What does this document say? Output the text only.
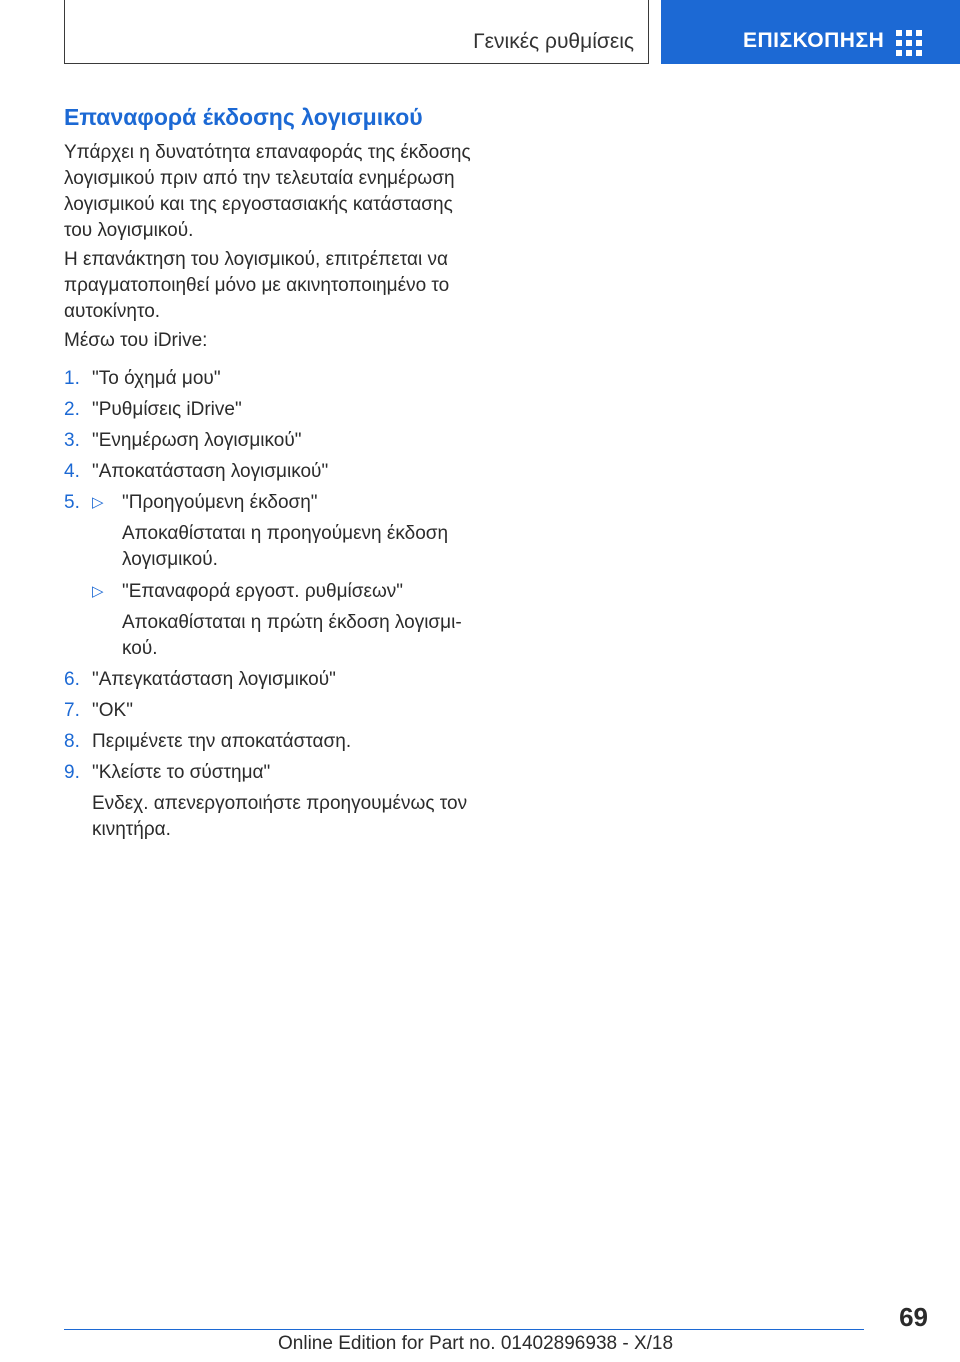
Γενικές ρυθμίσεις	ΕΠΙΣΚΟΠΗΣΗ
Επαναφορά έκδοσης λογισμικού
Υπάρχει η δυνατότητα επαναφοράς της έκδοσης λογισμικού πριν από την τελευταία ενημέρωση λογισμικού και της εργοστασιακής κατάστασης του λογισμικού.
Η επανάκτηση του λογισμικού, επιτρέπεται να πραγματοποιηθεί μόνο με ακινητοποιημένο το αυτοκίνητο.
Μέσω του iDrive:
1. "Το όχημά μου"
2. "Ρυθμίσεις iDrive"
3. "Ενημέρωση λογισμικού"
4. "Αποκατάσταση λογισμικού"
5. ▷ "Προηγούμενη έκδοση"
Αποκαθίσταται η προηγούμενη έκδοση λογισμικού.
▷ "Επαναφορά εργοστ. ρυθμίσεων"
Αποκαθίσταται η πρώτη έκδοση λογισμι-κού.
6. "Απεγκατάσταση λογισμικού"
7. "OK"
8. Περιμένετε την αποκατάσταση.
9. "Κλείστε το σύστημα"
Ενδεχ. απενεργοποιήστε προηγουμένως τον κινητήρα.
69
Online Edition for Part no. 01402896938 - X/18
